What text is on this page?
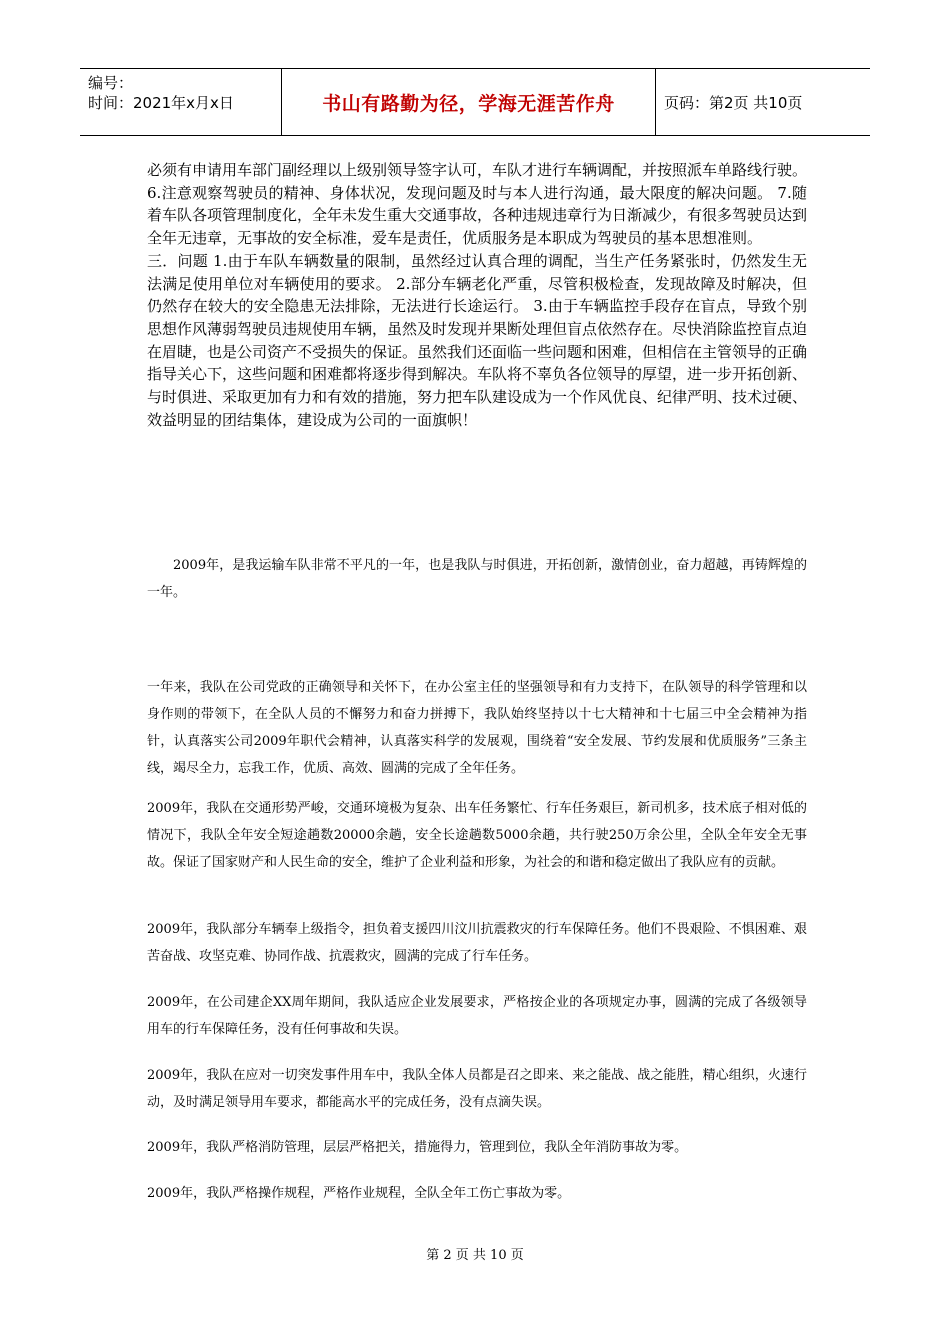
编号：
时间：2021年x月x日	书山有路勤为径，学海无涯苦作舟	页码：第2页 共10页

必须有申请用车部门副经理以上级别领导签字认可，车队才进行车辆调配，并按照派车单路线行驶。 6.注意观察驾驶员的精神、身体状况，发现问题及时与本人进行沟通，最大限度的解决问题。 7.随着车队各项管理制度化，全年未发生重大交通事故，各种违规违章行为日渐减少，有很多驾驶员达到全年无违章，无事故的安全标准，爱车是责任，优质服务是本职成为驾驶员的基本思想准则。

三．问题 1.由于车队车辆数量的限制，虽然经过认真合理的调配，当生产任务紧张时，仍然发生无法满足使用单位对车辆使用的要求。 2.部分车辆老化严重，尽管积极检查，发现故障及时解决，但仍然存在较大的安全隐患无法排除，无法进行长途运行。 3.由于车辆监控手段存在盲点，导致个别思想作风薄弱驾驶员违规使用车辆，虽然及时发现并果断处理但盲点依然存在。尽快消除监控盲点迫在眉睫，也是公司资产不受损失的保证。虽然我们还面临一些问题和困难，但相信在主管领导的正确指导关心下，这些问题和困难都将逐步得到解决。车队将不辜负各位领导的厚望，进一步开拓创新、与时俱进、采取更加有力和有效的措施，努力把车队建设成为一个作风优良、纪律严明、技术过硬、效益明显的团结集体，建设成为公司的一面旗帜！

2009年，是我运输车队非常不平凡的一年，也是我队与时俱进，开拓创新，激情创业，奋力超越，再铸辉煌的一年。

一年来，我队在公司党政的正确领导和关怀下，在办公室主任的坚强领导和有力支持下，在队领导的科学管理和以身作则的带领下，在全队人员的不懈努力和奋力拼搏下，我队始终坚持以十七大精神和十七届三中全会精神为指针，认真落实公司2009年职代会精神，认真落实科学的发展观，围绕着“安全发展、节约发展和优质服务”三条主线，竭尽全力，忘我工作，优质、高效、圆满的完成了全年任务。

2009年，我队在交通形势严峻，交通环境极为复杂、出车任务繁忙、行车任务艰巨，新司机多，技术底子相对低的情况下，我队全年安全短途趟数20000余趟，安全长途趟数5000余趟，共行驶250万余公里，全队全年安全无事故。保证了国家财产和人民生命的安全，维护了企业利益和形象，为社会的和谐和稳定做出了我队应有的贡献。

2009年，我队部分车辆奉上级指令，担负着支援四川汶川抗震救灾的行车保障任务。他们不畏艰险、不惧困难、艰苦奋战、攻坚克难、协同作战、抗震救灾，圆满的完成了行车任务。

2009年，在公司建企XX周年期间，我队适应企业发展要求，严格按企业的各项规定办事，圆满的完成了各级领导用车的行车保障任务，没有任何事故和失误。

2009年，我队在应对一切突发事件用车中，我队全体人员都是召之即来、来之能战、战之能胜，精心组织，火速行动，及时满足领导用车要求，都能高水平的完成任务，没有点滴失误。

2009年，我队严格消防管理，层层严格把关，措施得力，管理到位，我队全年消防事故为零。

2009年，我队严格操作规程，严格作业规程，全队全年工伤亡事故为零。

第 2 页 共 10 页
